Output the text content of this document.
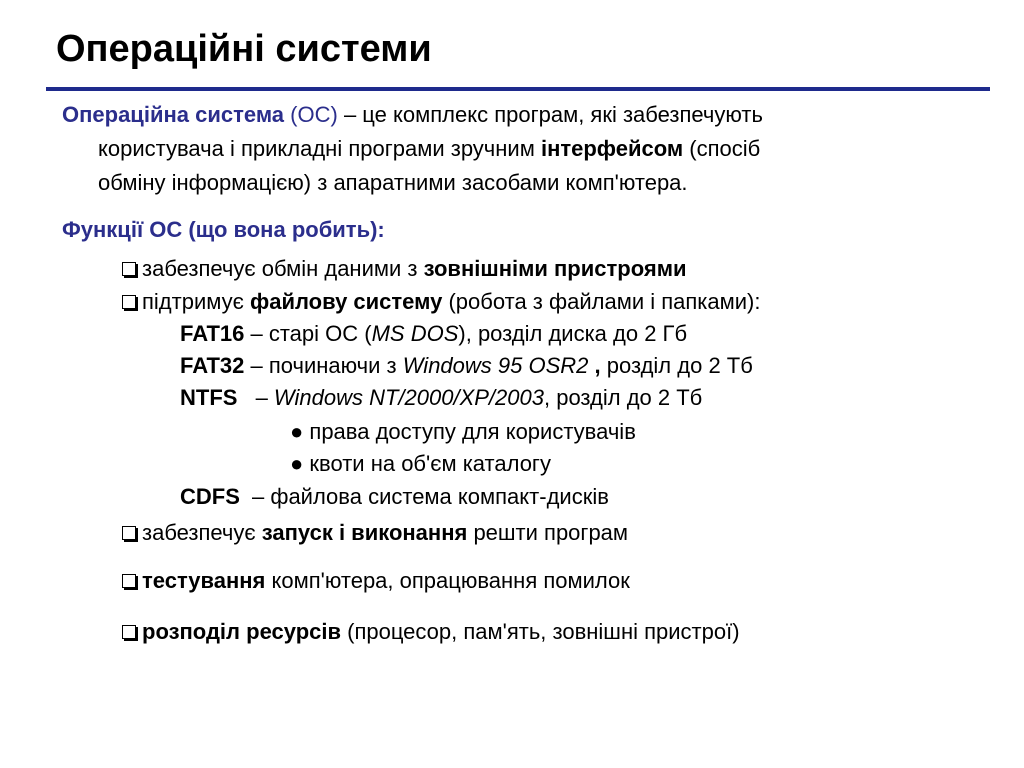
Операційні системи
Операційна система (ОС) – це комплекс програм, які забезпечують
користувача і прикладні програми зручним інтерфейсом (спосіб
обміну інформацією) з апаратними засобами комп'ютера.
Функції ОС (що вона робить):
забезпечує обмін даними з зовнішніми пристроями
підтримує файлову систему (робота з файлами і папками):
FAT16 – старі ОС (MS DOS), розділ диска до 2 Гб
FAT32 – починаючи з Windows 95 OSR2 , розділ до 2 Тб
NTFS – Windows NT/2000/XP/2003, розділ до 2 Тб
● права доступу для користувачів
● квоти на об'єм каталогу
CDFS – файлова система компакт-дисків
забезпечує запуск і виконання решти програм
тестування комп'ютера, опрацювання помилок
розподіл ресурсів (процесор, пам'ять, зовнішні пристрої)
